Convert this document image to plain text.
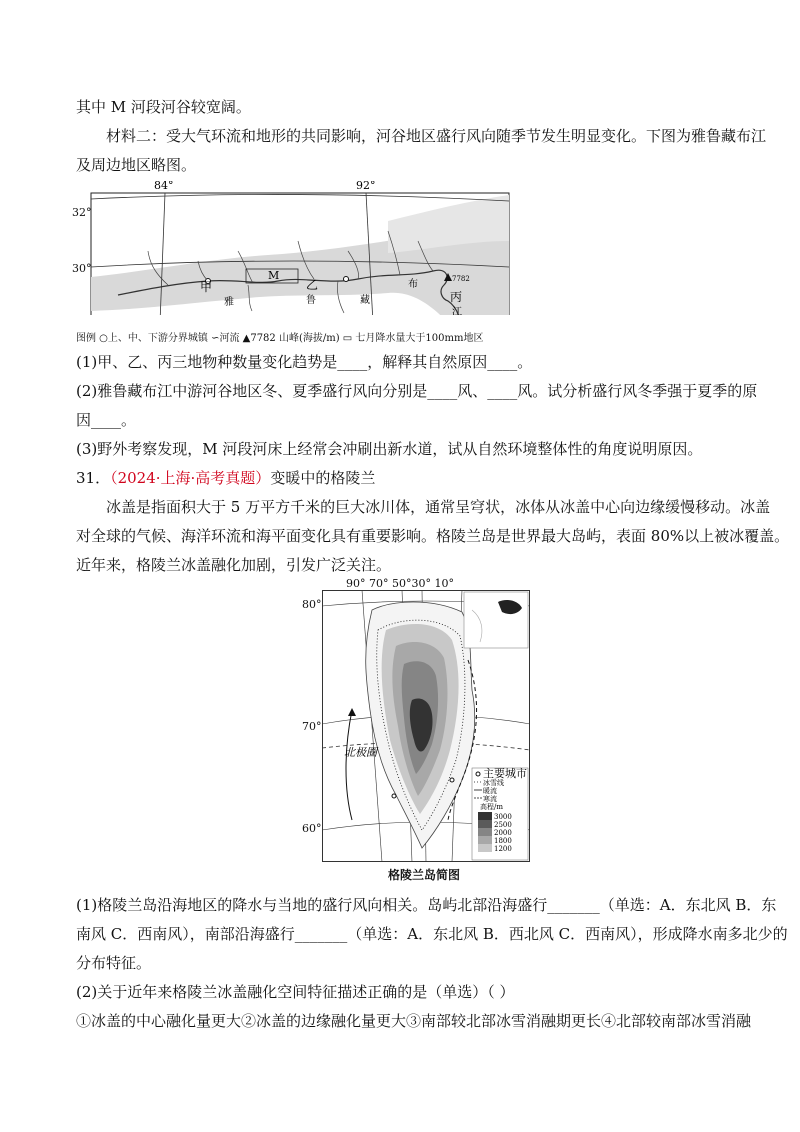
其中 M 河段河谷较宽阔。
材料二：受大气环流和地形的共同影响，河谷地区盛行风向随季节发生明显变化。下图为雅鲁藏布江
及周边地区略图。
84°	92°
甲	乙
丙
M
雅	鲁	藏
布
江
7782
32°
30°
图例 ○上、中、下游分界城镇 ∽河流 ▲7782 山峰(海拔/m) ▭ 七月降水量大于100mm地区
(1)甲、乙、丙三地物种数量变化趋势是____，解释其自然原因____。
(2)雅鲁藏布江中游河谷地区冬、夏季盛行风向分别是____风、____风。试分析盛行风冬季强于夏季的原
因____。
(3)野外考察发现，M 河段河床上经常会冲刷出新水道，试从自然环境整体性的角度说明原因。
31．（2024·上海·高考真题）变暖中的格陵兰
冰盖是指面积大于 5 万平方千米的巨大冰川体，通常呈穹状，冰体从冰盖中心向边缘缓慢移动。冰盖
对全球的气候、海洋环流和海平面变化具有重要影响。格陵兰岛是世界最大岛屿，表面 80%以上被冰覆盖。
近年来，格陵兰冰盖融化加剧，引发广泛关注。
90° 70° 50°30° 10°
80°
70°
60°
北极圈
主要城市
冰雪线
暖流
寒流
高程/m
3000
2500
2000
1800
1200
格陵兰岛简图
(1)格陵兰岛沿海地区的降水与当地的盛行风向相关。岛屿北部沿海盛行_______（单选：A．东北风 B．东
南风 C．西南风），南部沿海盛行_______（单选：A．东北风 B．西北风 C．西南风），形成降水南多北少的
分布特征。
(2)关于近年来格陵兰冰盖融化空间特征描述正确的是（单选）（ ）
①冰盖的中心融化量更大②冰盖的边缘融化量更大③南部较北部冰雪消融期更长④北部较南部冰雪消融
